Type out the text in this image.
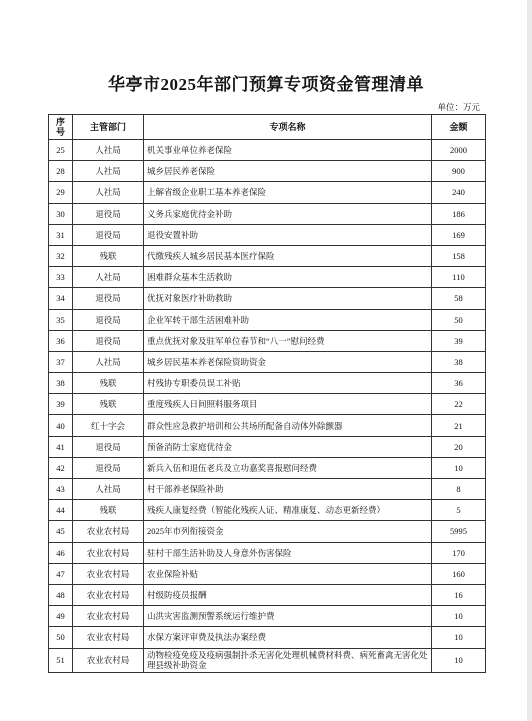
华亭市2025年部门预算专项资金管理清单
单位：万元
序号	主管部门	专项名称	金额
25	人社局	机关事业单位养老保险	2000
28	人社局	城乡居民养老保险	900
29	人社局	上解省级企业职工基本养老保险	240
30	退役局	义务兵家庭优待金补助	186
31	退役局	退役安置补助	169
32	残联	代缴残疾人城乡居民基本医疗保险	158
33	人社局	困难群众基本生活救助	110
34	退役局	优抚对象医疗补助救助	58
35	退役局	企业军转干部生活困难补助	50
36	退役局	重点优抚对象及驻军单位春节和“八一”慰问经费	39
37	人社局	城乡居民基本养老保险资助资金	38
38	残联	村残协专职委员误工补贴	36
39	残联	重度残疾人日间照料服务项目	22
40	红十字会	群众性应急救护培训和公共场所配备自动体外除颤器	21
41	退役局	预备消防士家庭优待金	20
42	退役局	新兵入伍和退伍老兵及立功嘉奖喜报慰问经费	10
43	人社局	村干部养老保险补助	8
44	残联	残疾人康复经费（智能化残疾人证、精准康复、动态更新经费）	5
45	农业农村局	2025年市列衔接资金	5995
46	农业农村局	驻村干部生活补助及人身意外伤害保险	170
47	农业农村局	农业保险补贴	160
48	农业农村局	村级防疫员报酬	16
49	农业农村局	山洪灾害监测预警系统运行维护费	10
50	农业农村局	水保方案评审费及执法办案经费	10
51	农业农村局	动物检疫免疫及疫病强制扑杀无害化处理机械费材料费、病死畜禽无害化处理县级补助资金	10
